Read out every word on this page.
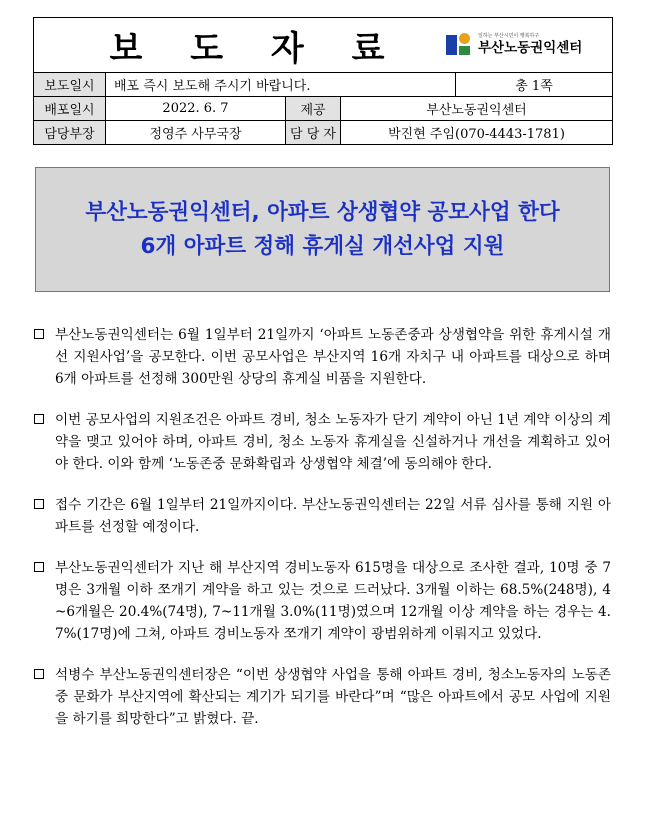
보 도 자 료	일하는 부산시민이 행복하구
부산노동권익센터
보도일시	배포 즉시 보도해 주시기 바랍니다.	총 1쪽
배포일시	2022. 6. 7	제공	부산노동권익센터
담당부장	정영주 사무국장	담 당 자	박진현 주임(070-4443-1781)
부산노동권익센터, 아파트 상생협약 공모사업 한다
6개 아파트 정해 휴게실 개선사업 지원
부산노동권익센터는 6월 1일부터 21일까지 ‘아파트 노동존중과 상생협약을 위한 휴게시설 개선 지원사업’을 공모한다. 이번 공모사업은 부산지역 16개 자치구 내 아파트를 대상으로 하며 6개 아파트를 선정해 300만원 상당의 휴게실 비품을 지원한다.
이번 공모사업의 지원조건은 아파트 경비, 청소 노동자가 단기 계약이 아닌 1년 계약 이상의 계약을 맺고 있어야 하며, 아파트 경비, 청소 노동자 휴게실을 신설하거나 개선을 계획하고 있어야 한다. 이와 함께 ‘노동존중 문화확립과 상생협약 체결’에 동의해야 한다.
접수 기간은 6월 1일부터 21일까지이다. 부산노동권익센터는 22일 서류 심사를 통해 지원 아파트를 선정할 예정이다.
부산노동권익센터가 지난 해 부산지역 경비노동자 615명을 대상으로 조사한 결과, 10명 중 7명은 3개월 이하 쪼개기 계약을 하고 있는 것으로 드러났다. 3개월 이하는 68.5%(248명), 4~6개월은 20.4%(74명), 7~11개월 3.0%(11명)였으며 12개월 이상 계약을 하는 경우는 4.7%(17명)에 그쳐, 아파트 경비노동자 쪼개기 계약이 광범위하게 이뤄지고 있었다.
석병수 부산노동권익센터장은 “이번 상생협약 사업을 통해 아파트 경비, 청소노동자의 노동존중 문화가 부산지역에 확산되는 계기가 되기를 바란다”며 “많은 아파트에서 공모 사업에 지원을 하기를 희망한다”고 밝혔다. 끝.
